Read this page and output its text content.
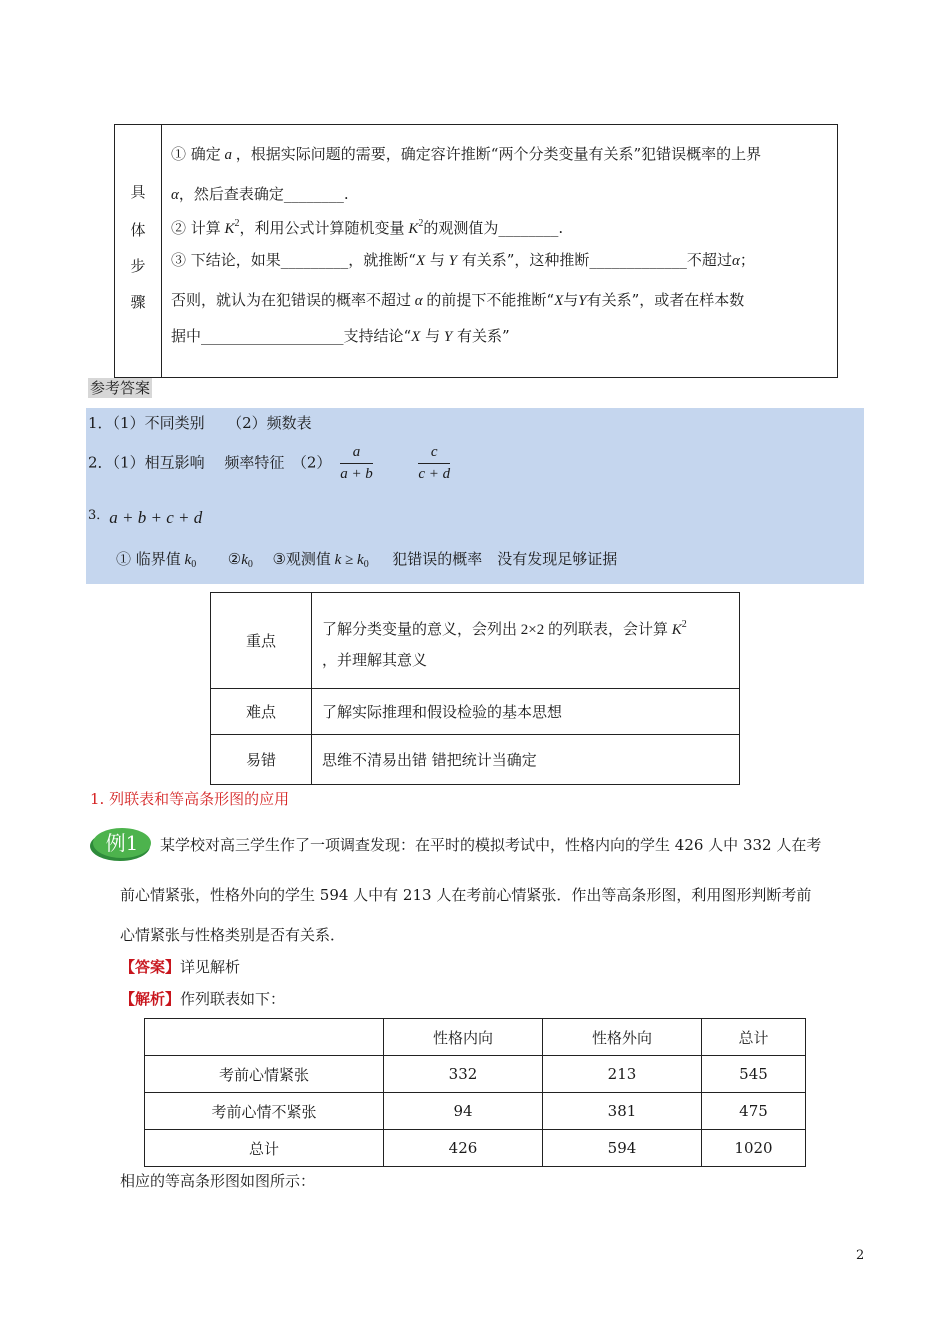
具
体
步
骤
① 确定 a ，根据实际问题的需要，确定容许推断“两个分类变量有关系”犯错误概率的上界
α，然后查表确定________.
② 计算 $K^2$，利用公式计算随机变量 $K^2$的观测值为________.
③ 下结论，如果_________，就推断“X 与 Y 有关系”，这种推断_____________不超过α；
否则，就认为在犯错误的概率不超过 α 的前提下不能推断“X与Y有关系”，或者在样本数
据中___________________支持结论“X 与 Y 有关系”
参考答案
1．（1）不同类别　　（2）频数表
2．（1）相互影响　 频率特征　$(2) \frac{a}{a + b}$
	$\frac{c}{c + d}$
3．a + b + c + d
① 临界值 $k_0$ $②k_0$ ③观测值 $k \ge k_0$ 犯错误的概率　没有发现足够证据
重点	了解分类变量的意义，会列出 2×2 的列联表，会计算 $K^2$
，并理解其意义

难点	了解实际推理和假设检验的基本思想
易错	思维不清易出错 错把统计当确定
1. 列联表和等高条形图的应用
例1 某学校对高三学生作了一项调查发现：在平时的模拟考试中，性格内向的学生 426 人中 332 人在考
前心情紧张，性格外向的学生 594 人中有 213 人在考前心情紧张．作出等高条形图，利用图形判断考前
心情紧张与性格类别是否有关系．
【答案】详见解析
【解析】作列联表如下：
	性格内向	性格外向	总计
考前心情紧张	332	213	545
考前心情不紧张	94	381	475
总计	426	594	1020
相应的等高条形图如图所示：
2
